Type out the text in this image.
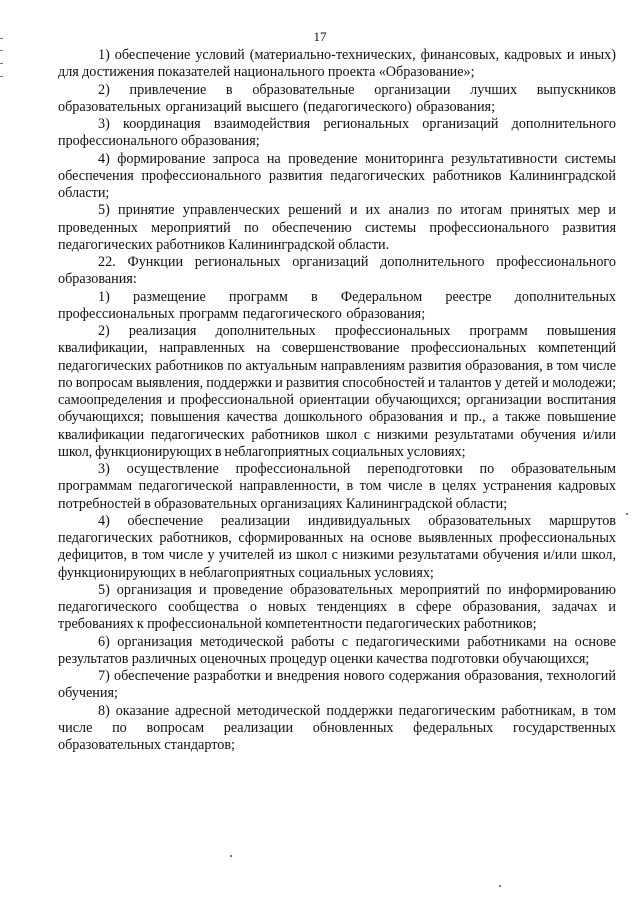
17

1) обеспечение условий (материально-технических, финансовых, кадровых и иных) для достижения показателей национального проекта «Образование»;

2) привлечение в образовательные организации лучших выпускников образовательных организаций высшего (педагогического) образования;

3) координация взаимодействия региональных организаций дополнительного профессионального образования;

4) формирование запроса на проведение мониторинга результативности системы обеспечения профессионального развития педагогических работников Калининградской области;

5) принятие управленческих решений и их анализ по итогам принятых мер и проведенных мероприятий по обеспечению системы профессионального развития педагогических работников Калининградской области.

22. Функции региональных организаций дополнительного профессионального образования:

1) размещение программ в Федеральном реестре дополнительных профессиональных программ педагогического образования;

2) реализация дополнительных профессиональных программ повышения квалификации, направленных на совершенствование профессиональных компетенций педагогических работников по актуальным направлениям развития образования, в том числе по вопросам выявления, поддержки и развития способностей и талантов у детей и молодежи; самоопределения и профессиональной ориентации обучающихся; организации воспитания обучающихся; повышения качества дошкольного образования и пр., а также повышение квалификации педагогических работников школ с низкими результатами обучения и/или школ, функционирующих в неблагоприятных социальных условиях;

3) осуществление профессиональной переподготовки по образовательным программам педагогической направленности, в том числе в целях устранения кадровых потребностей в образовательных организациях Калининградской области;

4) обеспечение реализации индивидуальных образовательных маршрутов педагогических работников, сформированных на основе выявленных профессиональных дефицитов, в том числе у учителей из школ с низкими результатами обучения и/или школ, функционирующих в неблагоприятных социальных условиях;

5) организация и проведение образовательных мероприятий по информированию педагогического сообщества о новых тенденциях в сфере образования, задачах и требованиях к профессиональной компетентности педагогических работников;

6) организация методической работы с педагогическими работниками на основе результатов различных оценочных процедур оценки качества подготовки обучающихся;

7) обеспечение разработки и внедрения нового содержания образования, технологий обучения;

8) оказание адресной методической поддержки педагогическим работникам, в том числе по вопросам реализации обновленных федеральных государственных образовательных стандартов;
